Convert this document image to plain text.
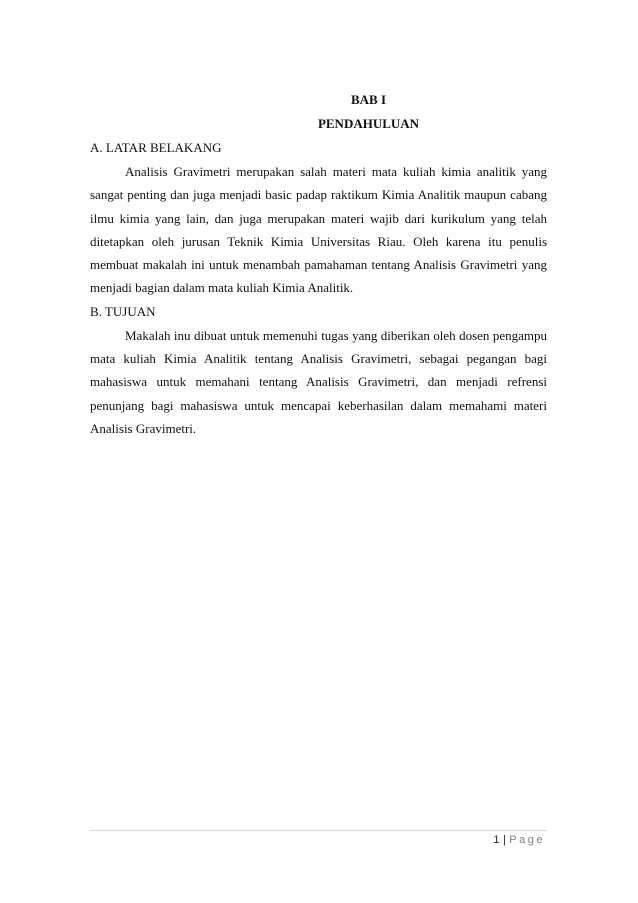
BAB I

PENDAHULUAN

A. LATAR BELAKANG

Analisis Gravimetri merupakan salah materi mata kuliah kimia analitik yang sangat penting dan juga menjadi basic padap raktikum Kimia Analitik maupun cabang ilmu kimia yang lain, dan juga merupakan materi wajib dari kurikulum yang telah ditetapkan oleh jurusan Teknik Kimia Universitas Riau. Oleh karena itu penulis membuat makalah ini untuk menambah pamahaman tentang Analisis Gravimetri yang menjadi bagian dalam mata kuliah Kimia Analitik.

B. TUJUAN

Makalah inu dibuat untuk memenuhi tugas yang diberikan oleh dosen pengampu mata kuliah Kimia Analitik tentang Analisis Gravimetri, sebagai pegangan bagi mahasiswa untuk memahani tentang Analisis Gravimetri, dan menjadi refrensi penunjang bagi mahasiswa untuk mencapai keberhasilan dalam memahami materi Analisis Gravimetri.

1 | Page
